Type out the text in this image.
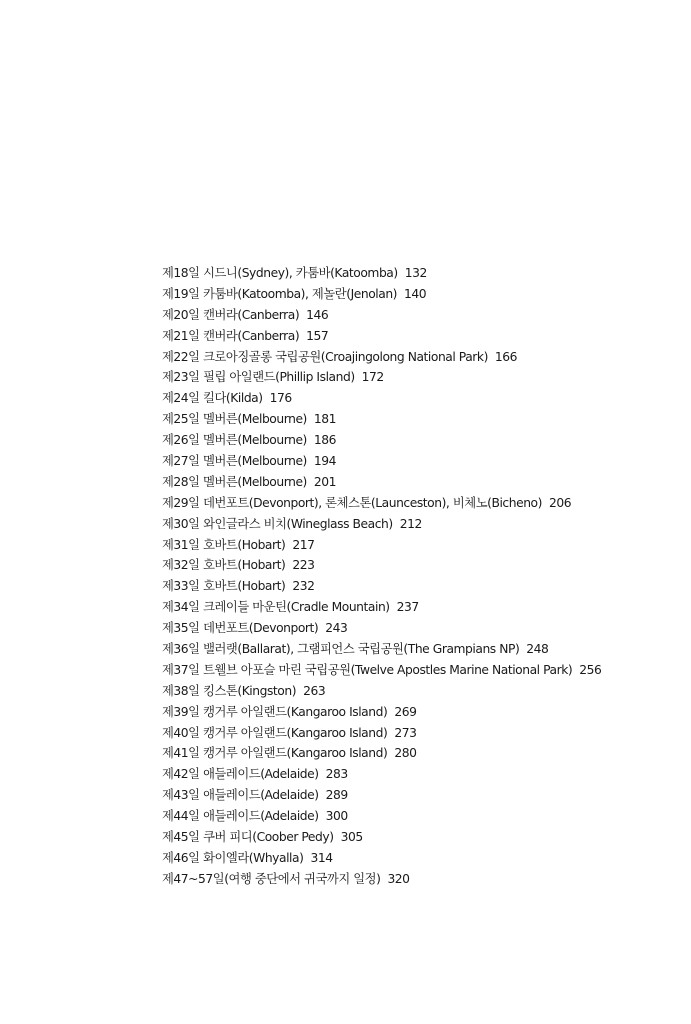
제18일 시드니(Sydney), 카툼바(Katoomba) 132
제19일 카툼바(Katoomba), 제놀란(Jenolan) 140
제20일 캔버라(Canberra) 146
제21일 캔버라(Canberra) 157
제22일 크로아징골롱 국립공원(Croajingolong National Park) 166
제23일 필립 아일랜드(Phillip Island) 172
제24일 킬다(Kilda) 176
제25일 멜버른(Melbourne) 181
제26일 멜버른(Melbourne) 186
제27일 멜버른(Melbourne) 194
제28일 멜버른(Melbourne) 201
제29일 데번포트(Devonport), 론체스톤(Launceston), 비체노(Bicheno) 206
제30일 와인글라스 비치(Wineglass Beach) 212
제31일 호바트(Hobart) 217
제32일 호바트(Hobart) 223
제33일 호바트(Hobart) 232
제34일 크레이들 마운틴(Cradle Mountain) 237
제35일 데번포트(Devonport) 243
제36일 밸러랫(Ballarat), 그램피언스 국립공원(The Grampians NP) 248
제37일 트웰브 아포슬 마린 국립공원(Twelve Apostles Marine National Park) 256
제38일 킹스톤(Kingston) 263
제39일 캥거루 아일랜드(Kangaroo Island) 269
제40일 캥거루 아일랜드(Kangaroo Island) 273
제41일 캥거루 아일랜드(Kangaroo Island) 280
제42일 애들레이드(Adelaide) 283
제43일 애들레이드(Adelaide) 289
제44일 애들레이드(Adelaide) 300
제45일 쿠버 피디(Coober Pedy) 305
제46일 화이엘라(Whyalla) 314
제47~57일(여행 중단에서 귀국까지 일정) 320
